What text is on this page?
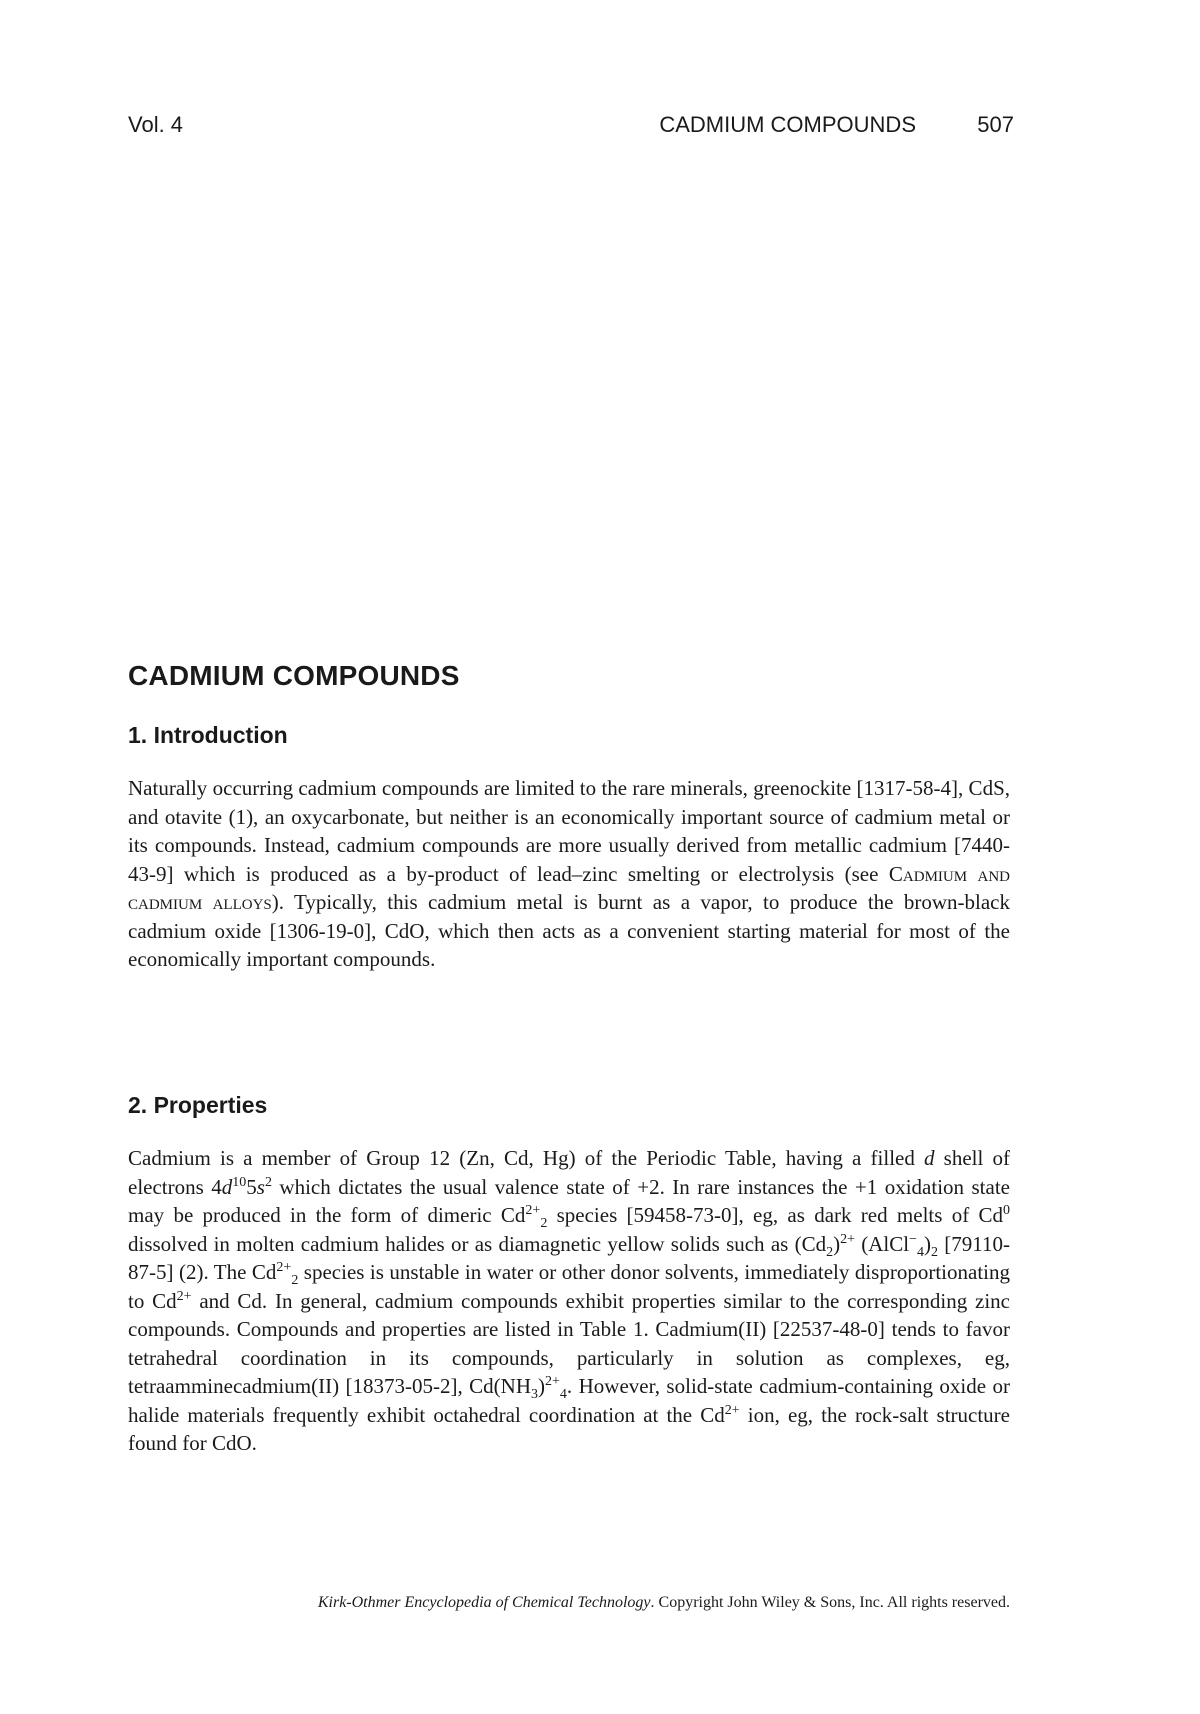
Vol. 4	CADMIUM COMPOUNDS	507
CADMIUM COMPOUNDS
1. Introduction

Naturally occurring cadmium compounds are limited to the rare minerals, greenockite [1317-58-4], CdS, and otavite (1), an oxycarbonate, but neither is an economically important source of cadmium metal or its compounds. Instead, cadmium compounds are more usually derived from metallic cadmium [7440-43-9] which is produced as a by-product of lead–zinc smelting or electrolysis (see Cadmium and cadmium alloys). Typically, this cadmium metal is burnt as a vapor, to produce the brown-black cadmium oxide [1306-19-0], CdO, which then acts as a convenient starting material for most of the economically important compounds.

2. Properties

Cadmium is a member of Group 12 (Zn, Cd, Hg) of the Periodic Table, having a filled d shell of electrons $4d^{10}5s^2$ which dictates the usual valence state of +2. In rare instances the +1 oxidation state may be produced in the form of dimeric $Cd^{2+}_2$ species [59458-73-0], eg, as dark red melts of Cd$^0$ dissolved in molten cadmium halides or as diamagnetic yellow solids such as $(Cd_2)^{2+}$ $(AlCl^-_4)_2$ [79110-87-5] (2). The $Cd^{2+}_2$ species is unstable in water or other donor solvents, immediately disproportionating to $Cd^{2+}$ and Cd. In general, cadmium compounds exhibit properties similar to the corresponding zinc compounds. Compounds and properties are listed in Table 1. Cadmium(II) [22537-48-0] tends to favor tetrahedral coordination in its compounds, particularly in solution as complexes, eg, tetraamminecadmium(II) [18373-05-2], $Cd(NH_3)^{2+}_4$. However, solid-state cadmium-containing oxide or halide materials frequently exhibit octahedral coordination at the $Cd^{2+}$ ion, eg, the rock-salt structure found for CdO.

Kirk-Othmer Encyclopedia of Chemical Technology. Copyright John Wiley & Sons, Inc. All rights reserved.
